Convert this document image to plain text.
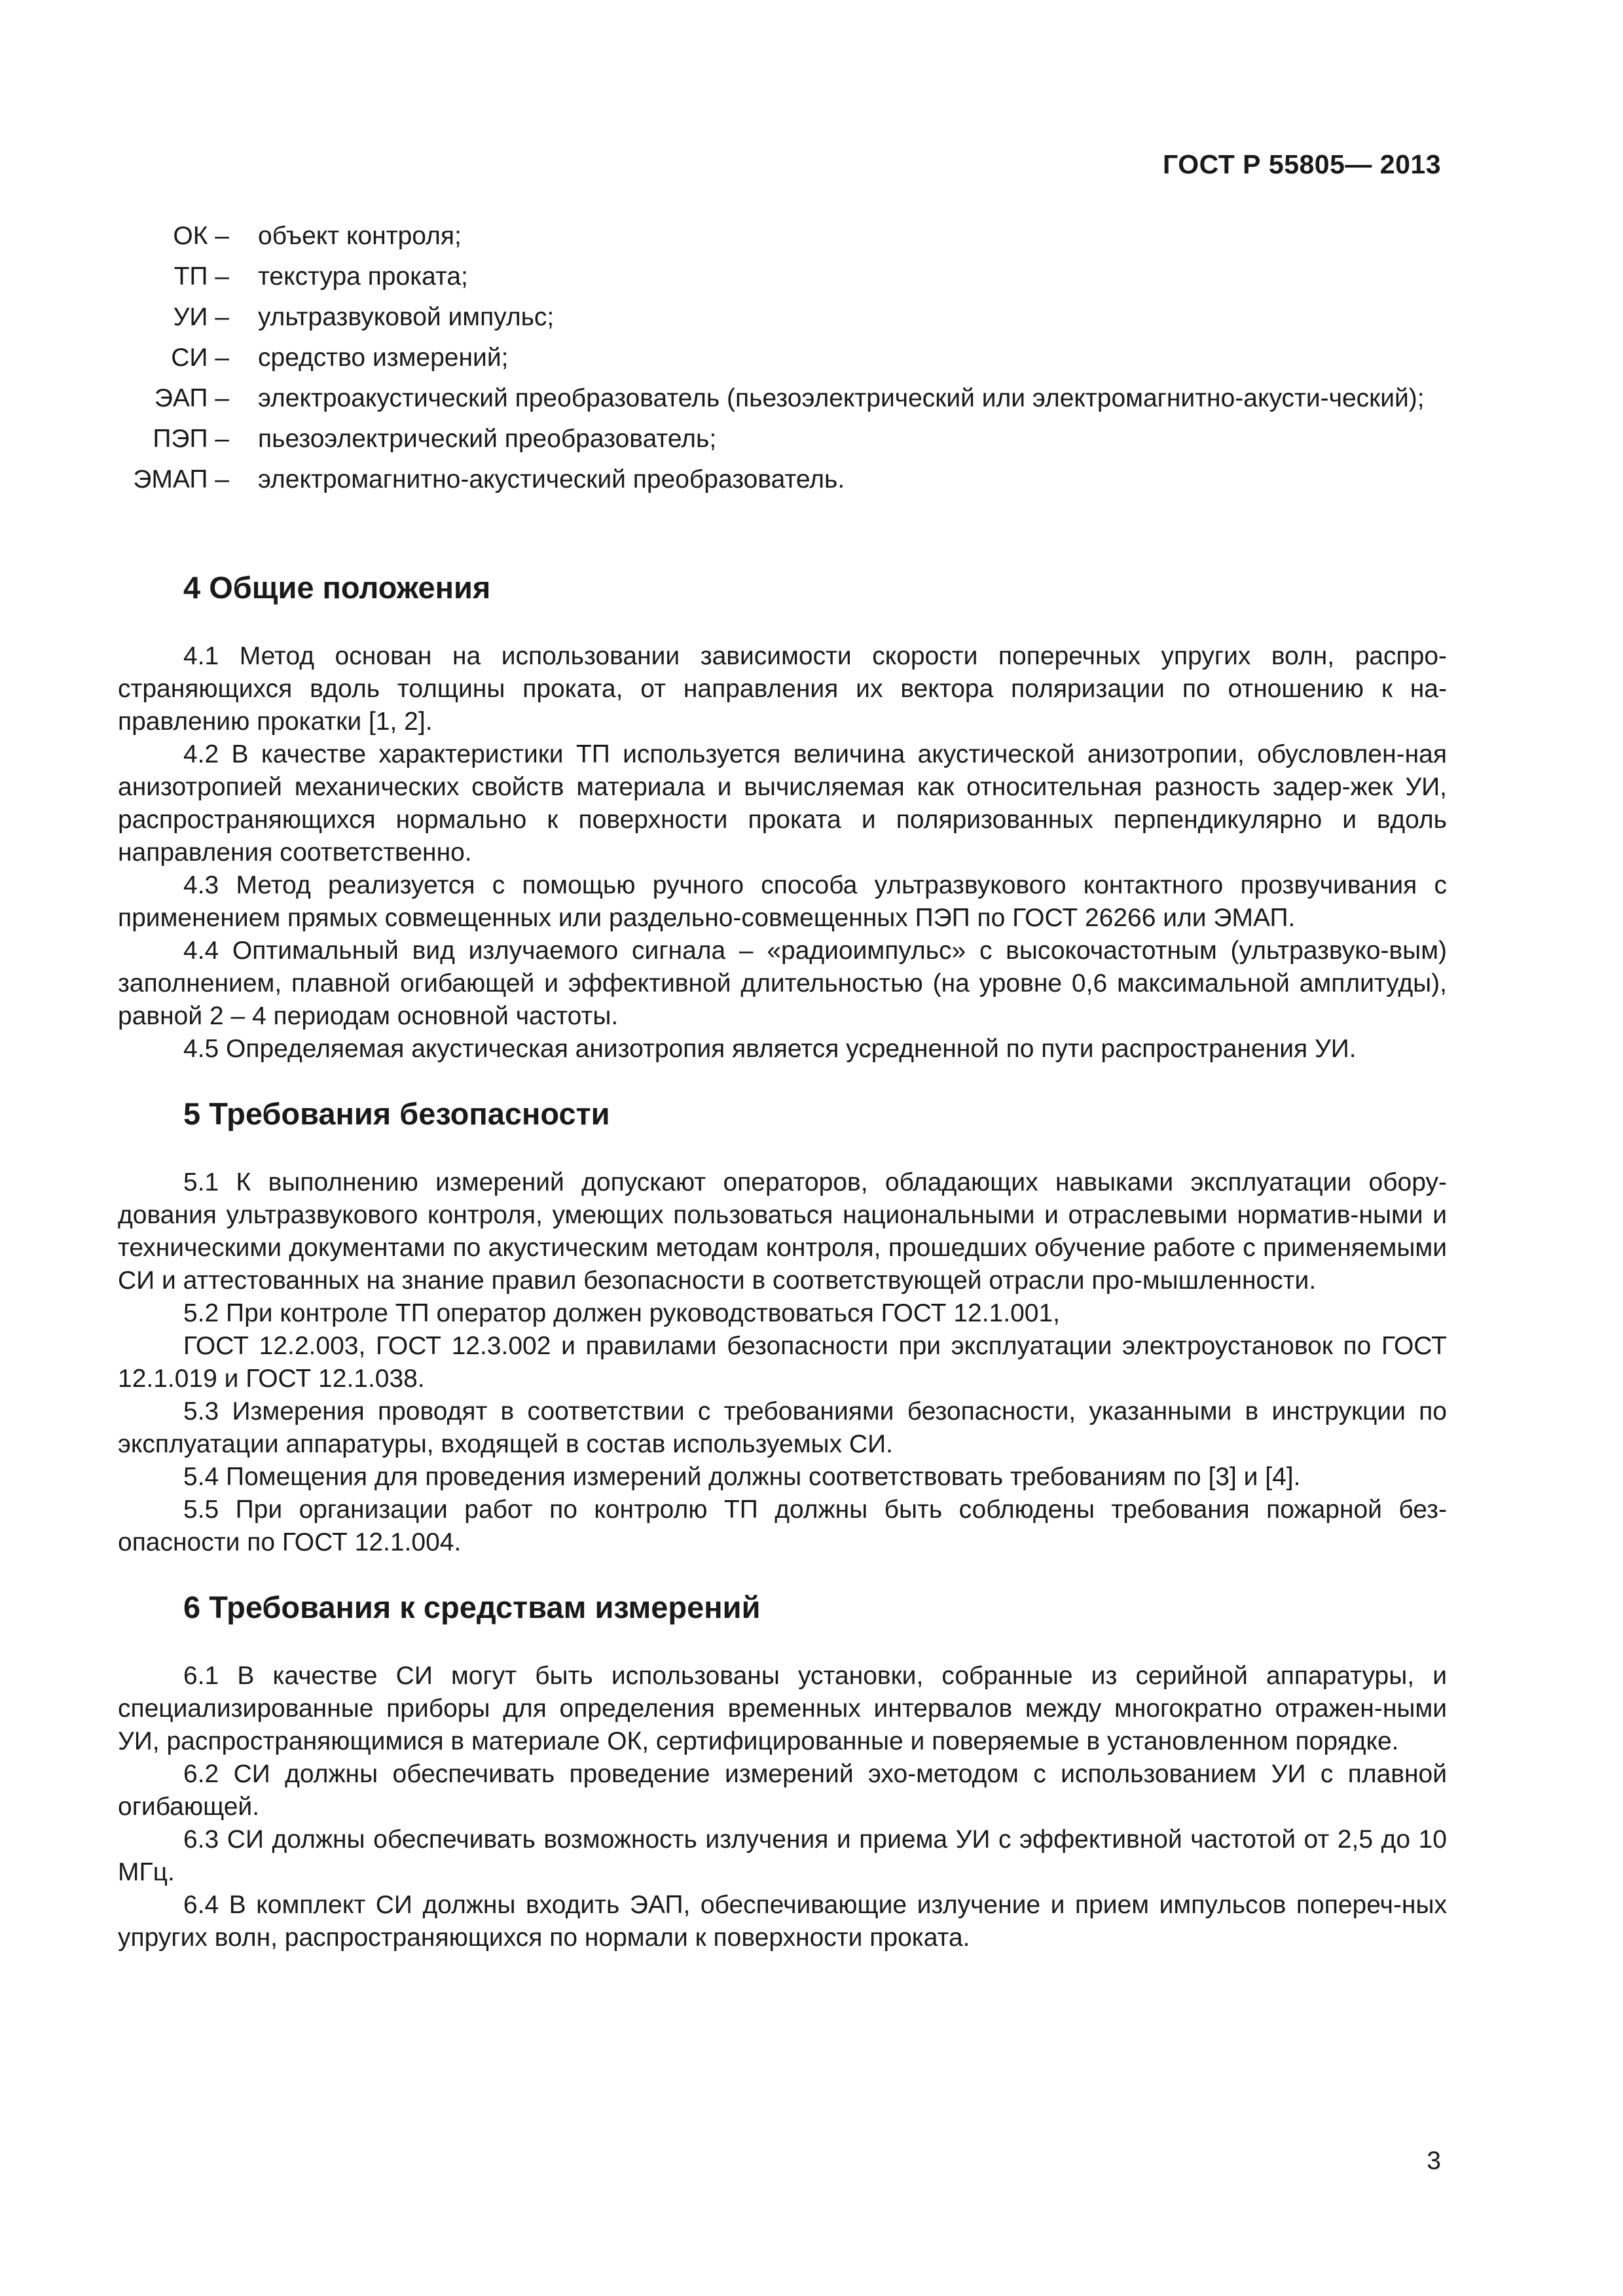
ГОСТ Р 55805— 2013
ОК –	объект контроля;
ТП –	текстура проката;
УИ –	ультразвуковой импульс;
СИ –	средство измерений;
ЭАП –	электроакустический преобразователь (пьезоэлектрический или электромагнитно-акусти-ческий);
ПЭП –	пьезоэлектрический преобразователь;
ЭМАП –	электромагнитно-акустический преобразователь.
4 Общие положения

4.1 Метод основан на использовании зависимости скорости поперечных упругих волн, распро-страняющихся вдоль толщины проката, от направления их вектора поляризации по отношению к на-правлению прокатки [1, 2].

4.2 В качестве характеристики ТП используется величина акустической анизотропии, обусловлен-ная анизотропией механических свойств материала и вычисляемая как относительная разность задер-жек УИ, распространяющихся нормально к поверхности проката и поляризованных перпендикулярно и вдоль направления соответственно.

4.3 Метод реализуется с помощью ручного способа ультразвукового контактного прозвучивания с применением прямых совмещенных или раздельно-совмещенных ПЭП по ГОСТ 26266 или ЭМАП.

4.4 Оптимальный вид излучаемого сигнала – «радиоимпульс» с высокочастотным (ультразвуко-вым) заполнением, плавной огибающей и эффективной длительностью (на уровне 0,6 максимальной амплитуды), равной 2 – 4 периодам основной частоты.

4.5 Определяемая акустическая анизотропия является усредненной по пути распространения УИ.

5 Требования безопасности

5.1 К выполнению измерений допускают операторов, обладающих навыками эксплуатации обору-дования ультразвукового контроля, умеющих пользоваться национальными и отраслевыми норматив-ными и техническими документами по акустическим методам контроля, прошедших обучение работе с применяемыми СИ и аттестованных на знание правил безопасности в соответствующей отрасли про-мышленности.

5.2 При контроле ТП оператор должен руководствоваться ГОСТ 12.1.001,

ГОСТ 12.2.003, ГОСТ 12.3.002 и правилами безопасности при эксплуатации электроустановок по ГОСТ 12.1.019 и ГОСТ 12.1.038.

5.3 Измерения проводят в соответствии с требованиями безопасности, указанными в инструкции по эксплуатации аппаратуры, входящей в состав используемых СИ.

5.4 Помещения для проведения измерений должны соответствовать требованиям по [3] и [4].

5.5 При организации работ по контролю ТП должны быть соблюдены требования пожарной без-опасности по ГОСТ 12.1.004.

6 Требования к средствам измерений

6.1 В качестве СИ могут быть использованы установки, собранные из серийной аппаратуры, и специализированные приборы для определения временных интервалов между многократно отражен-ными УИ, распространяющимися в материале ОК, сертифицированные и поверяемые в установленном порядке.

6.2 СИ должны обеспечивать проведение измерений эхо-методом с использованием УИ с плавной огибающей.

6.3 СИ должны обеспечивать возможность излучения и приема УИ с эффективной частотой от 2,5 до 10 МГц.

6.4 В комплект СИ должны входить ЭАП, обеспечивающие излучение и прием импульсов попереч-ных упругих волн, распространяющихся по нормали к поверхности проката.

3
